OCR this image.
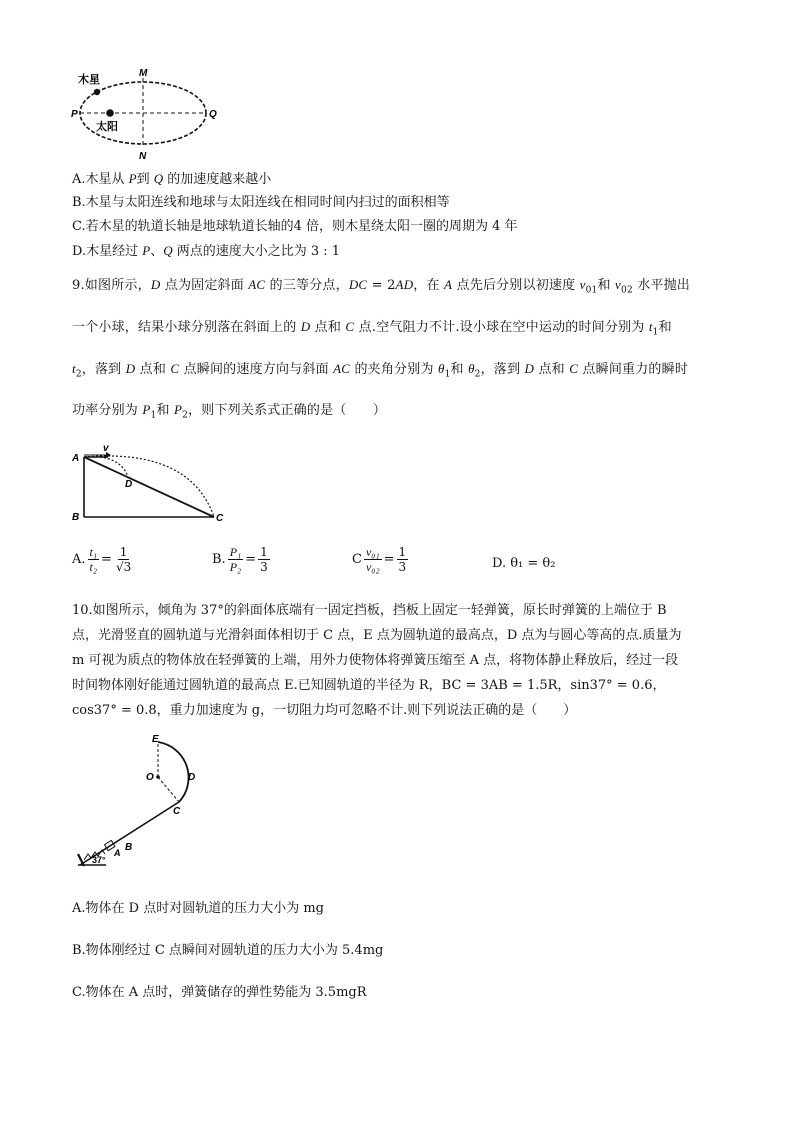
木星
太阳
M
N
P	Q
A.木星从 P到 Q 的加速度越来越小
B.木星与太阳连线和地球与太阳连线在相同时间内扫过的面积相等
C.若木星的轨道长轴是地球轨道长轴的4 倍，则木星绕太阳一圈的周期为 4 年
D.木星经过 P、Q 两点的速度大小之比为 3 : 1
9.如图所示，D 点为固定斜面 AC 的三等分点，DC = 2AD，在 A 点先后分别以初速度 $v_{01}$和 $v_{02}$ 水平抛出
一个小球，结果小球分别落在斜面上的 D 点和 C 点.空气阻力不计.设小球在空中运动的时间分别为 $t_1$和
$t_2$，落到 D 点和 C 点瞬间的速度方向与斜面 AC 的夹角分别为 $\theta_1$和 $\theta_2$，落到 D 点和 C 点瞬间重力的瞬时
功率分别为 $P_1$和 $P_2$，则下列关系式正确的是（　　）
A
B	C
D
v
A. $\frac{\text{t₁}}{\text{t₂}} = \frac{1}{√3}$	B. $\frac{\text{P₁}}{\text{P₂}} = \frac{1}{3}$	C $\frac{\text{v₀₁}}{\text{v₀₂}} = \frac{1}{3}$	D. θ₁ = θ₂
10.如图所示，倾角为 37°的斜面体底端有一固定挡板，挡板上固定一轻弹簧，原长时弹簧的上端位于 B
点，光滑竖直的圆轨道与光滑斜面体相切于 C 点，E 点为圆轨道的最高点，D 点为与圆心等高的点.质量为
m 可视为质点的物体放在轻弹簧的上端，用外力使物体将弹簧压缩至 A 点，将物体静止释放后，经过一段
时间物体刚好能通过圆轨道的最高点 E.已知圆轨道的半径为 R，BC = 3AB = 1.5R，sin37° = 0.6，
cos37° = 0.8，重力加速度为 g，一切阻力均可忽略不计.则下列说法正确的是（　　）
E
O	D
C
B
A
37°
A.物体在 D 点时对圆轨道的压力大小为 mg
B.物体刚经过 C 点瞬间对圆轨道的压力大小为 5.4mg
C.物体在 A 点时，弹簧储存的弹性势能为 3.5mgR
